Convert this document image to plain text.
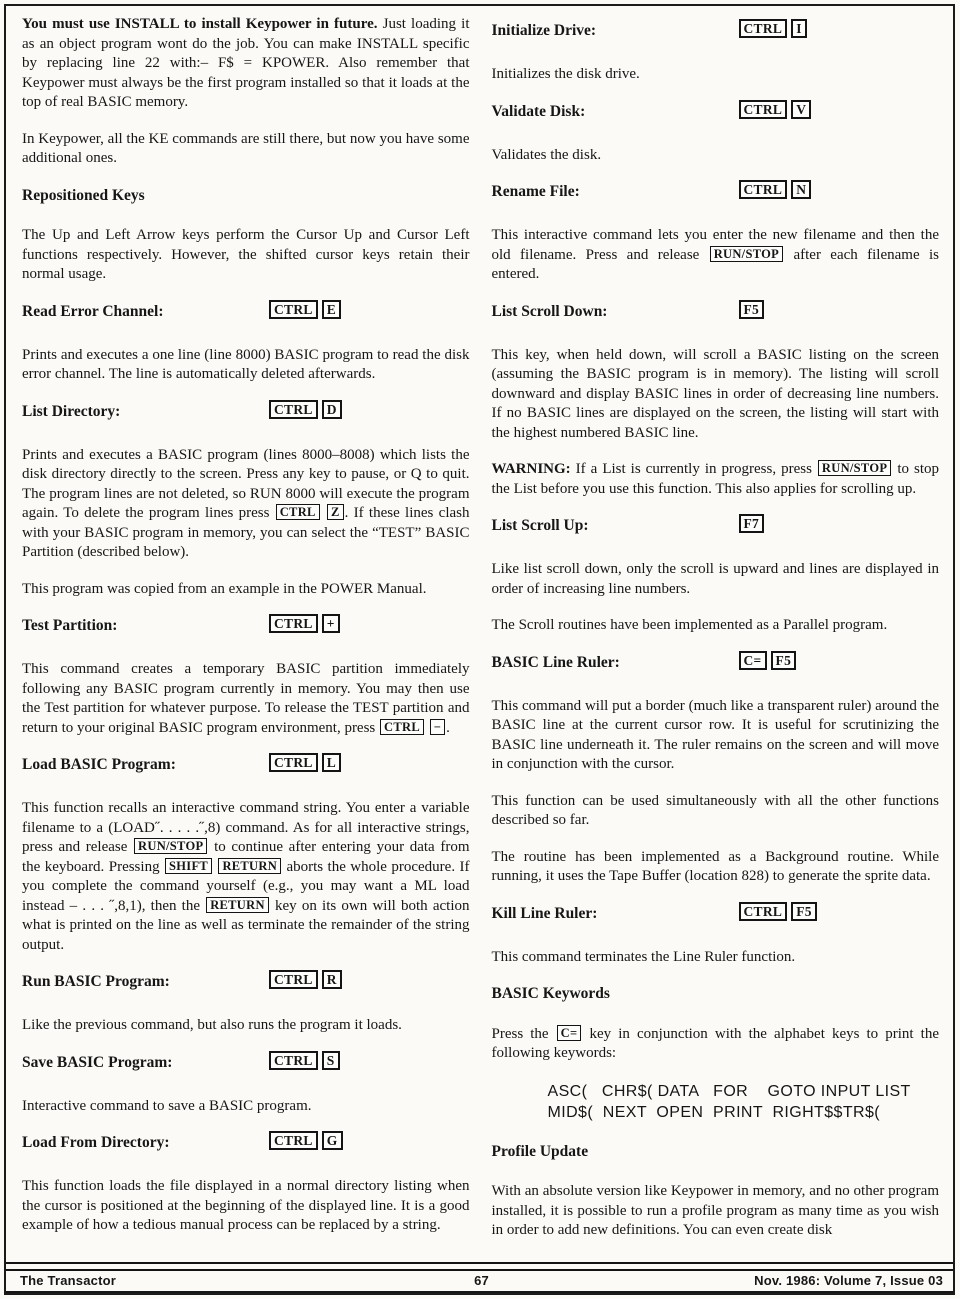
You must use INSTALL to install Keypower in future. Just loading it as an object program wont do the job. You can make INSTALL specific by replacing line 22 with:– F$ = KPOWER. Also remember that Keypower must always be the first program installed so that it loads at the top of real BASIC memory.
In Keypower, all the KE commands are still there, but now you have some additional ones.
Repositioned Keys
The Up and Left Arrow keys perform the Cursor Up and Cursor Left functions respectively. However, the shifted cursor keys retain their normal usage.
Read Error Channel:	CTRL E
Prints and executes a one line (line 8000) BASIC program to read the disk error channel. The line is automatically deleted afterwards.
List Directory:	CTRL D
Prints and executes a BASIC program (lines 8000–8008) which lists the disk directory directly to the screen. Press any key to pause, or Q to quit. The program lines are not deleted, so RUN 8000 will execute the program again. To delete the program lines press CTRL Z . If these lines clash with your BASIC program in memory, you can select the “TEST” BASIC Partition (described below).
This program was copied from an example in the POWER Manual.
Test Partition:	CTRL +
This command creates a temporary BASIC partition immediately following any BASIC program currently in memory. You may then use the Test partition for whatever purpose. To release the TEST partition and return to your original BASIC program environment, press CTRL − .
Load BASIC Program:	CTRL L
This function recalls an interactive command string. You enter a variable filename to a (LOAD˝. . . . .˝,8) command. As for all interactive strings, press and release RUN/STOP to continue after entering your data from the keyboard. Pressing SHIFT RETURN aborts the whole procedure. If you complete the command yourself (e.g., you may want a ML load instead – . . . ˝,8,1), then the RETURN key on its own will both action what is printed on the line as well as terminate the remainder of the string output.
Run BASIC Program:	CTRL R
Like the previous command, but also runs the program it loads.
Save BASIC Program:	CTRL S
Interactive command to save a BASIC program.
Load From Directory:	CTRL G
This function loads the file displayed in a normal directory listing when the cursor is positioned at the beginning of the displayed line. It is a good example of how a tedious manual process can be replaced by a string.
Initialize Drive:	CTRL I
Initializes the disk drive.
Validate Disk:	CTRL V
Validates the disk.
Rename File:	CTRL N
This interactive command lets you enter the new filename and then the old filename. Press and release RUN/STOP after each filename is entered.
List Scroll Down:	F5
This key, when held down, will scroll a BASIC listing on the screen (assuming the BASIC program is in memory). The listing will scroll downward and display BASIC lines in order of decreasing line numbers. If no BASIC lines are displayed on the screen, the listing will start with the highest numbered BASIC line.
WARNING: If a List is currently in progress, press RUN/STOP to stop the List before you use this function. This also applies for scrolling up.
List Scroll Up:	F7
Like list scroll down, only the scroll is upward and lines are displayed in order of increasing line numbers.
The Scroll routines have been implemented as a Parallel program.
BASIC Line Ruler:	C= F5
This command will put a border (much like a transparent ruler) around the BASIC line at the current cursor row. It is useful for scrutinizing the BASIC line underneath it. The ruler remains on the screen and will move in conjunction with the cursor.
This function can be used simultaneously with all the other functions described so far.
The routine has been implemented as a Background routine. While running, it uses the Tape Buffer (location 828) to generate the sprite data.
Kill Line Ruler:	CTRL F5
This command terminates the Line Ruler function.
BASIC Keywords
Press the C= key in conjunction with the alphabet keys to print the following keywords:
ASC(   CHR$( DATA   FOR    GOTO INPUT LIST
MID$(  NEXT  OPEN  PRINT  RIGHT$$TR$(
Profile Update
With an absolute version like Keypower in memory, and no other program installed, it is possible to run a profile program as many time as you wish in order to add new definitions. You can even create disk
The Transactor	67	Nov. 1986: Volume 7, Issue 03
